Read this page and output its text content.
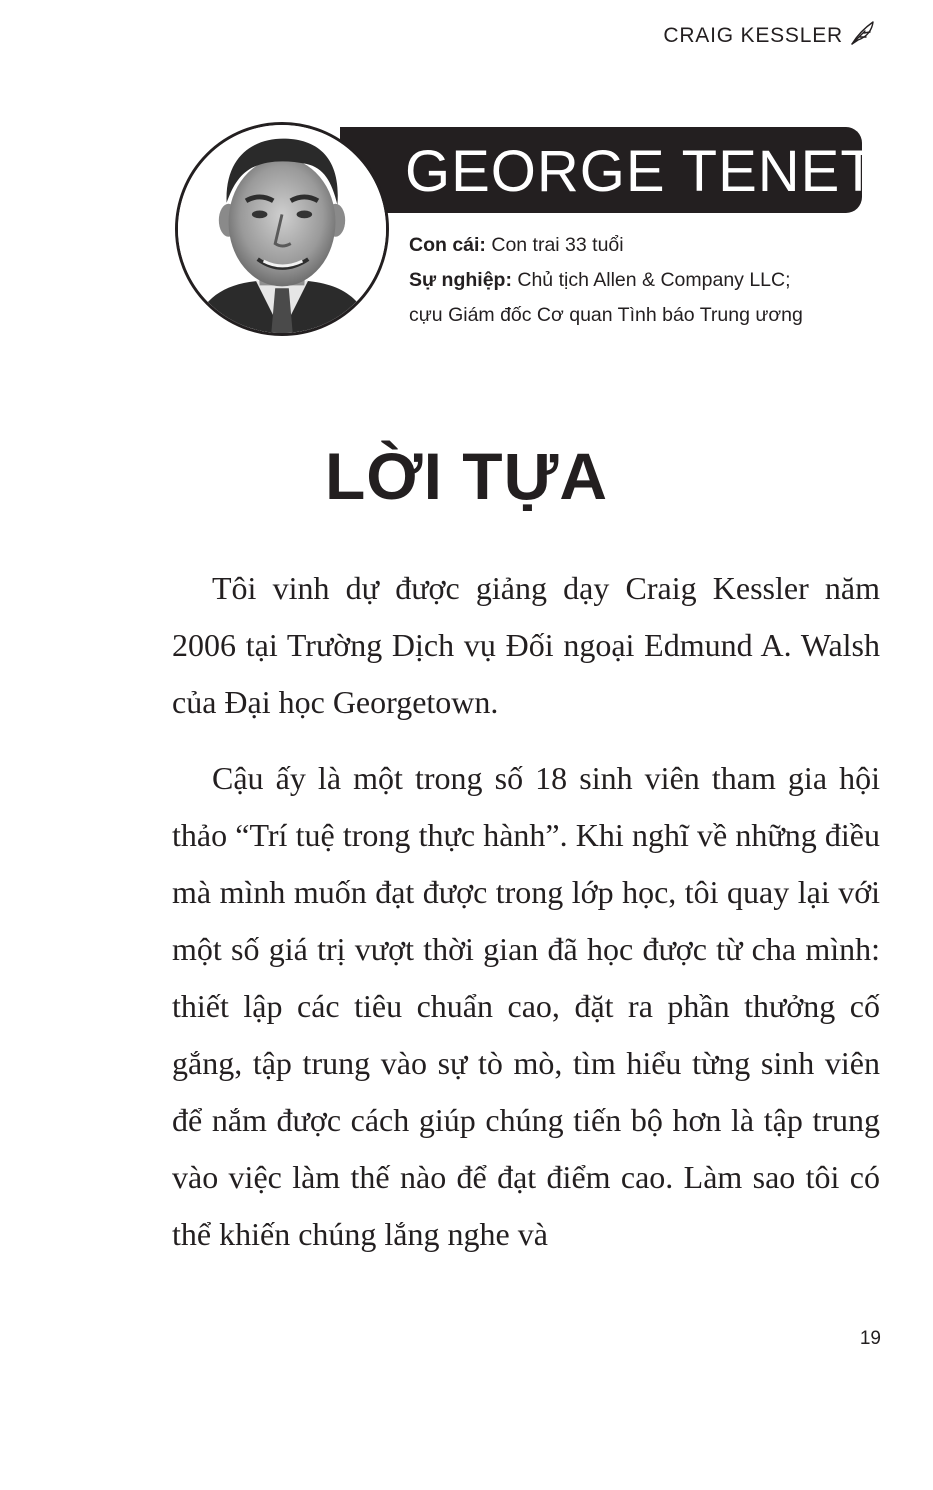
CRAIG KESSLER
GEORGE TENET
Con cái: Con trai 33 tuổi
Sự nghiệp: Chủ tịch Allen & Company LLC;
cựu Giám đốc Cơ quan Tình báo Trung ương
LỜI TỰA

Tôi vinh dự được giảng dạy Craig Kessler năm 2006 tại Trường Dịch vụ Đối ngoại Edmund A. Walsh của Đại học Georgetown.

Cậu ấy là một trong số 18 sinh viên tham gia hội thảo “Trí tuệ trong thực hành”. Khi nghĩ về những điều mà mình muốn đạt được trong lớp học, tôi quay lại với một số giá trị vượt thời gian đã học được từ cha mình: thiết lập các tiêu chuẩn cao, đặt ra phần thưởng cố gắng, tập trung vào sự tò mò, tìm hiểu từng sinh viên để nắm được cách giúp chúng tiến bộ hơn là tập trung vào việc làm thế nào để đạt điểm cao. Làm sao tôi có thể khiến chúng lắng nghe và

19
